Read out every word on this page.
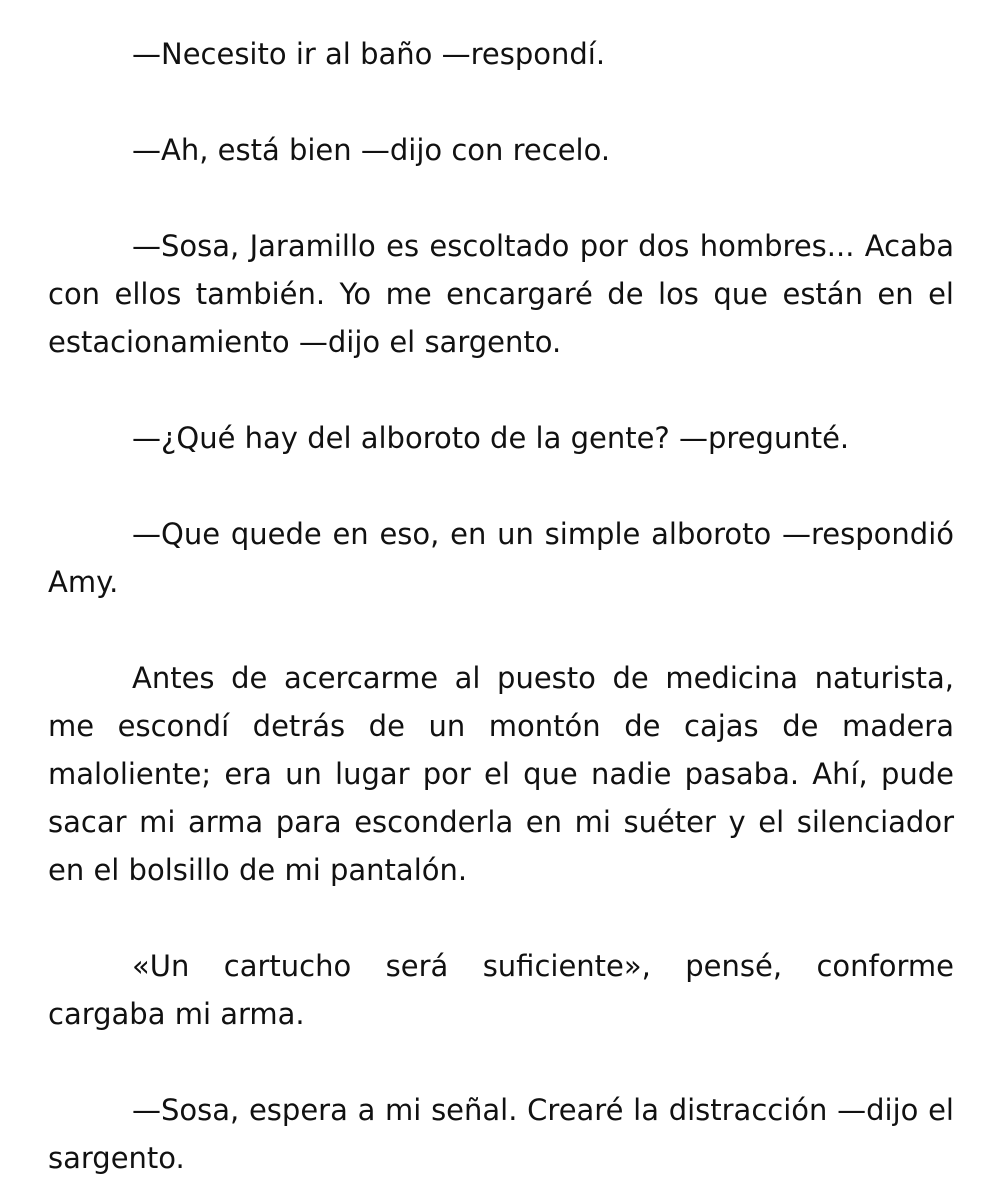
—Necesito ir al baño —respondí.

—Ah, está bien —dijo con recelo.

—Sosa, Jaramillo es escoltado por dos hombres... Acaba con ellos también. Yo me encargaré de los que están en el estacionamiento —dijo el sargento.

—¿Qué hay del alboroto de la gente? —pregunté.

—Que quede en eso, en un simple alboroto —respondió Amy.

Antes de acercarme al puesto de medicina naturista, me escondí detrás de un montón de cajas de madera maloliente; era un lugar por el que nadie pasaba. Ahí, pude sacar mi arma para esconderla en mi suéter y el silenciador en el bolsillo de mi pantalón.

«Un cartucho será suficiente», pensé, conforme cargaba mi arma.

—Sosa, espera a mi señal. Crearé la distracción —dijo el sargento.
